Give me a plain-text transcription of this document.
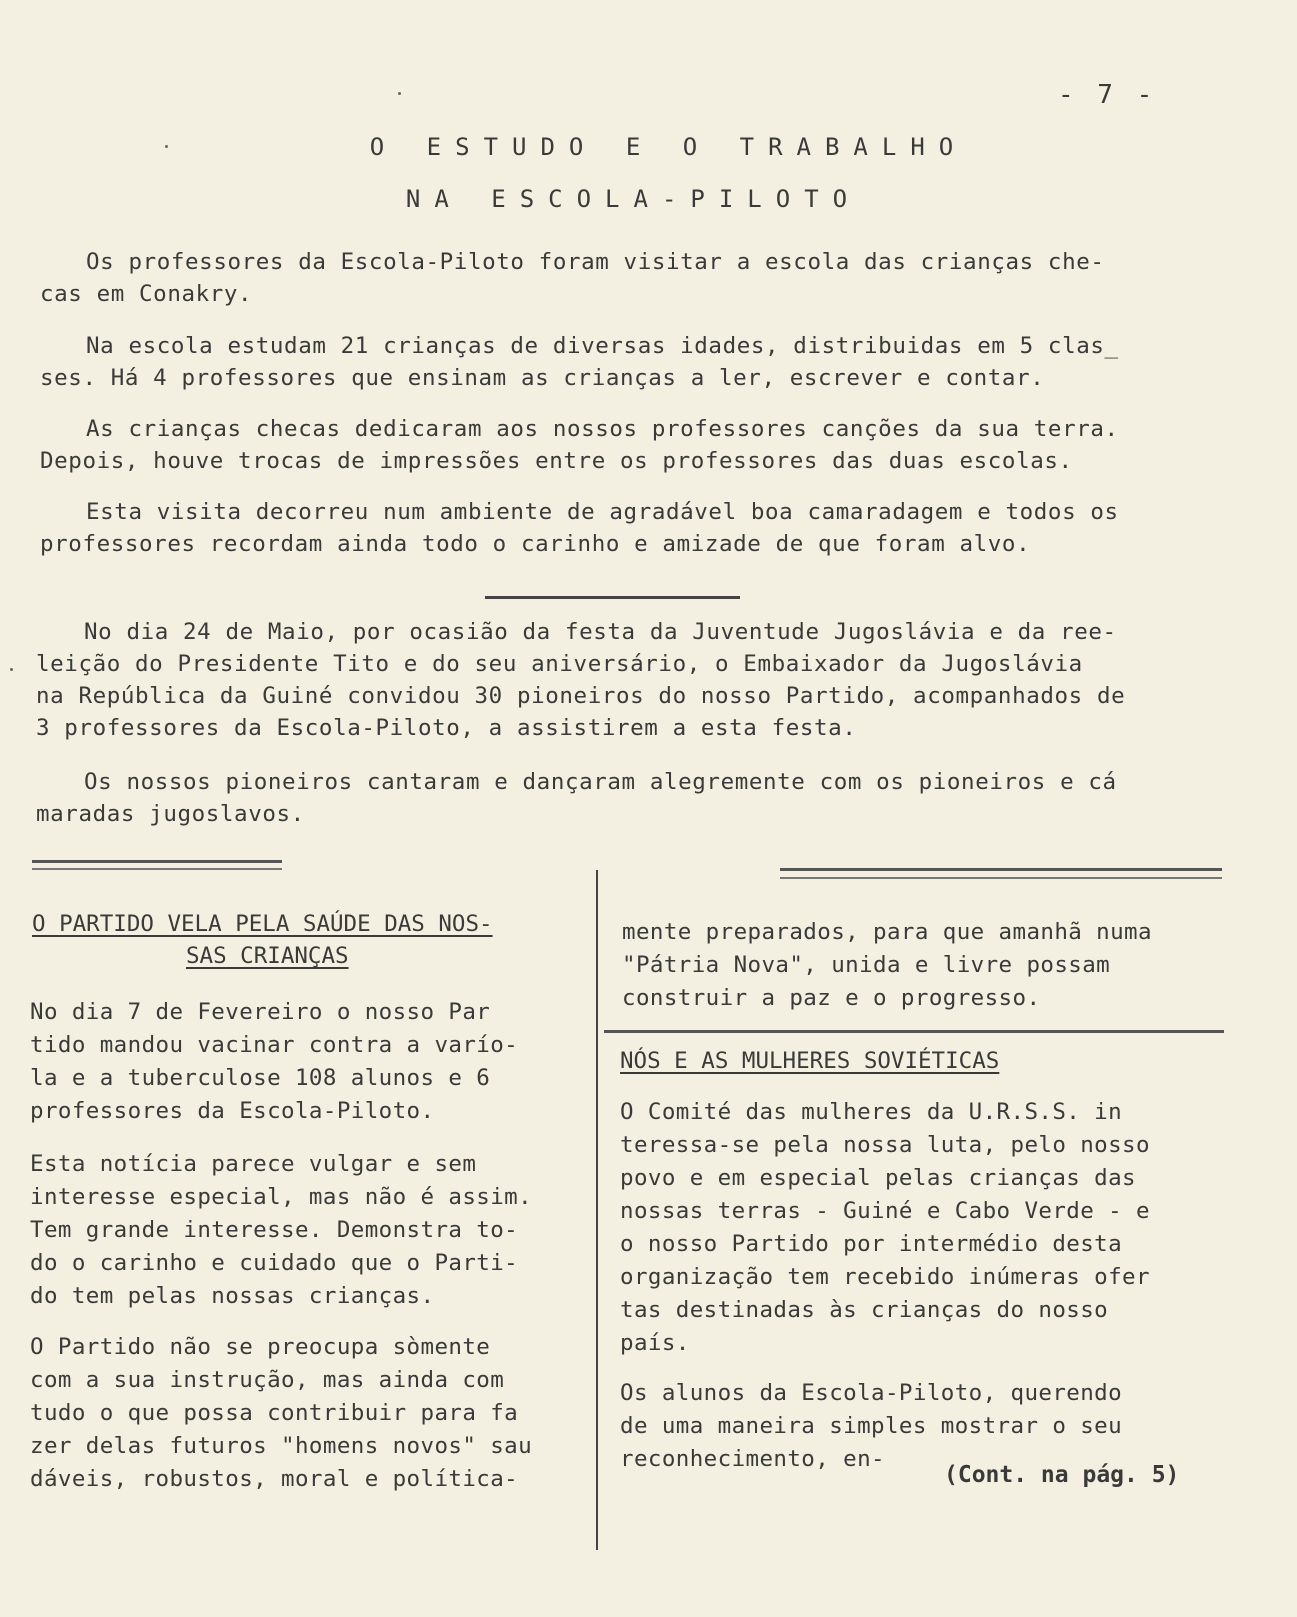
- 7 -
O ESTUDO E O TRABALHO
NA ESCOLA-PILOTO
Os professores da Escola-Piloto foram visitar a escola das crianças che-
cas em Conakry.
Na escola estudam 21 crianças de diversas idades, distribuidas em 5 clas_
ses. Há 4 professores que ensinam as crianças a ler, escrever e contar.
As crianças checas dedicaram aos nossos professores canções da sua terra.
Depois, houve trocas de impressões entre os professores das duas escolas.
Esta visita decorreu num ambiente de agradável boa camaradagem e todos os
professores recordam ainda todo o carinho e amizade de que foram alvo.
No dia 24 de Maio, por ocasião da festa da Juventude Jugoslávia e da ree-
leição do Presidente Tito e do seu aniversário, o Embaixador da Jugoslávia
na República da Guiné convidou 30 pioneiros do nosso Partido, acompanhados de
3 professores da Escola-Piloto, a assistirem a esta festa.
Os nossos pioneiros cantaram e dançaram alegremente com os pioneiros e cá
maradas jugoslavos.
O PARTIDO VELA PELA SAÚDE DAS NOS-
SAS CRIANÇAS
No dia 7 de Fevereiro o nosso Par
tido mandou vacinar contra a varío-
la e a tuberculose 108 alunos e 6
professores da Escola-Piloto.
Esta notícia parece vulgar e sem
interesse especial, mas não é assim.
Tem grande interesse. Demonstra to-
do o carinho e cuidado que o Parti-
do tem pelas nossas crianças.
O Partido não se preocupa sòmente
com a sua instrução, mas ainda com
tudo o que possa contribuir para fa
zer delas futuros "homens novos" sau
dáveis, robustos, moral e política-
mente preparados, para que amanhã numa
"Pátria Nova", unida e livre possam
construir a paz e o progresso.
NÓS E AS MULHERES SOVIÉTICAS
O Comité das mulheres da U.R.S.S. in
teressa-se pela nossa luta, pelo nosso
povo e em especial pelas crianças das
nossas terras - Guiné e Cabo Verde - e
o nosso Partido por intermédio desta
organização tem recebido inúmeras ofer
tas destinadas às crianças do nosso
país.
Os alunos da Escola-Piloto, querendo
de uma maneira simples mostrar o seu
reconhecimento, en-
(Cont. na pág. 5)
